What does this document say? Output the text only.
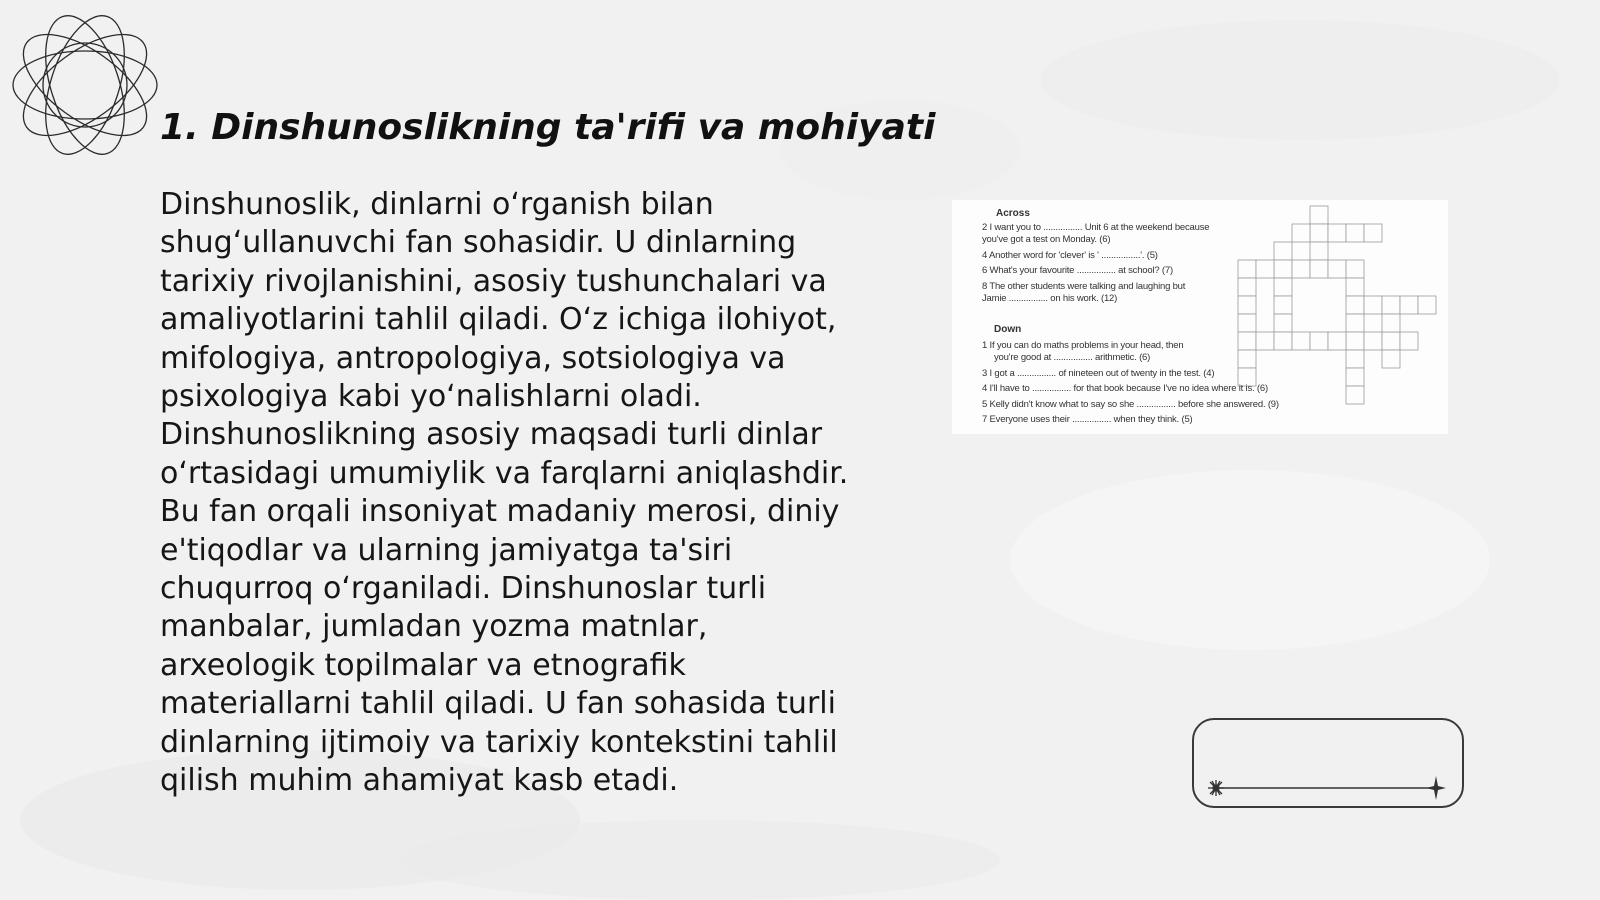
1. Dinshunoslikning ta'rifi va mohiyati

Dinshunoslik, dinlarni o‘rganish bilan shug‘ullanuvchi fan sohasidir. U dinlarning tarixiy rivojlanishini, asosiy tushunchalari va amaliyotlarini tahlil qiladi. O‘z ichiga ilohiyot, mifologiya, antropologiya, sotsiologiya va psixologiya kabi yo‘nalishlarni oladi. Dinshunoslikning asosiy maqsadi turli dinlar o‘rtasidagi umumiylik va farqlarni aniqlashdir. Bu fan orqali insoniyat madaniy merosi, diniy e'tiqodlar va ularning jamiyatga ta'siri chuqurroq o‘rganiladi. Dinshunoslar turli manbalar, jumladan yozma matnlar, arxeologik topilmalar va etnografik materiallarni tahlil qiladi. U fan sohasida turli dinlarning ijtimoiy va tarixiy kontekstini tahlil qilish muhim ahamiyat kasb etadi.

Across
2 I want you to ................ Unit 6 at the weekend because
you've got a test on Monday. (6)
4 Another word for 'clever' is ' ................'. (5)
6 What's your favourite ................ at school? (7)
8 The other students were talking and laughing but
Jamie ................ on his work. (12)
Down
1 If you can do maths problems in your head, then
you're good at ................ arithmetic. (6)
3 I got a ................ of nineteen out of twenty in the test. (4)
4 I'll have to ................ for that book because I've no idea where it is. (6)
5 Kelly didn't know what to say so she ................ before she answered. (9)
7 Everyone uses their ................ when they think. (5)
